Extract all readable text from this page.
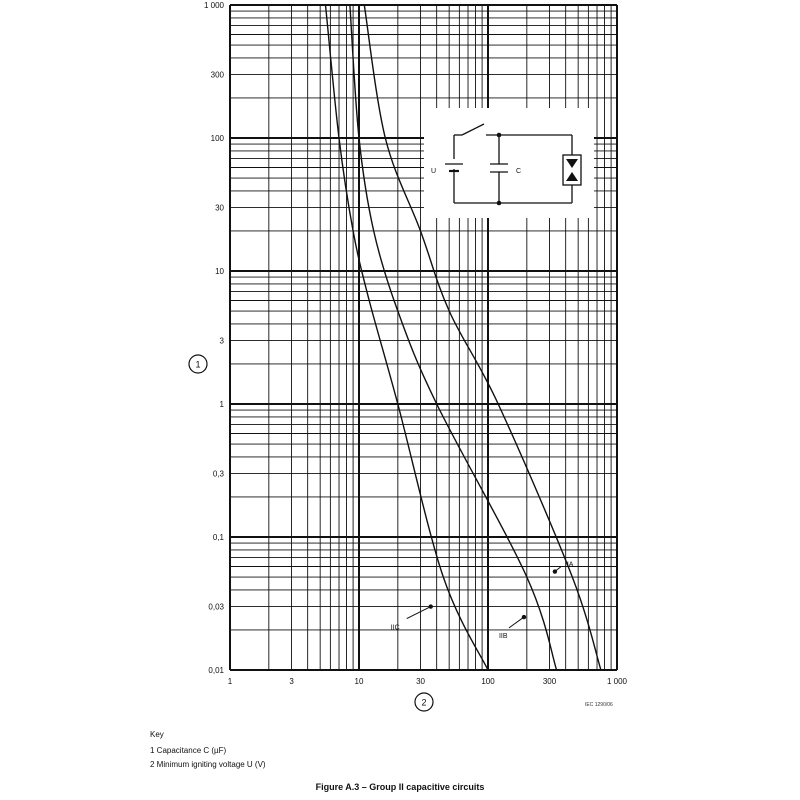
IIC
IIB
IIA
1	3	10	30	100	300	1 000
0,01
0,03
0,1
0,3
1
3
10
30
100
300
1 000
1
2
U	C
IEC 1290/06
Key
1 Capacitance C (µF)
2 Minimum igniting voltage U (V)
Figure A.3 – Group II capacitive circuits
